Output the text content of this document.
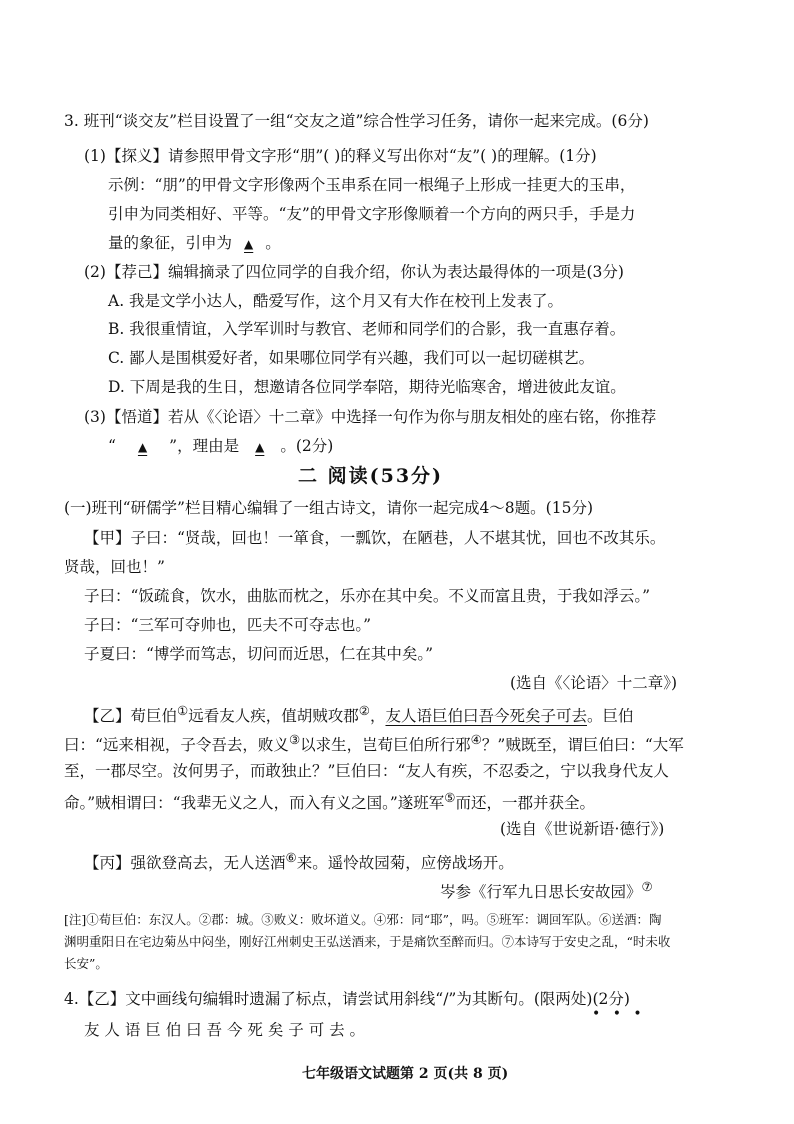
3. 班刊“谈交友”栏目设置了一组“交友之道”综合性学习任务，请你一起来完成。(6分)
(1)【探义】请参照甲骨文字形“朋”( )的释义写出你对“友”( )的理解。(1分)
示例：“朋”的甲骨文字形像两个玉串系在同一根绳子上形成一挂更大的玉串，
引申为同类相好、平等。“友”的甲骨文字形像顺着一个方向的两只手，手是力
量的象征，引申为 ▲ 。
(2)【荐己】编辑摘录了四位同学的自我介绍，你认为表达最得体的一项是(3分)
A. 我是文学小达人，酷爱写作，这个月又有大作在校刊上发表了。
B. 我很重情谊，入学军训时与教官、老师和同学们的合影，我一直惠存着。
C. 鄙人是围棋爱好者，如果哪位同学有兴趣，我们可以一起切磋棋艺。
D. 下周是我的生日，想邀请各位同学奉陪，期待光临寒舍，增进彼此友谊。
(3)【悟道】若从《〈论语〉十二章》中选择一句作为你与朋友相处的座右铭，你推荐
“ ▲ ”，理由是 ▲ 。(2分)
二 阅读(53分)
(一)班刊“研儒学”栏目精心编辑了一组古诗文，请你一起完成4～8题。(15分)
【甲】子曰：“贤哉，回也！一箪食，一瓢饮，在陋巷，人不堪其忧，回也不改其乐。
贤哉，回也！”
子曰：“饭疏食，饮水，曲肱而枕之，乐亦在其中矣。不义而富且贵，于我如浮云。”
子曰：“三军可夺帅也，匹夫不可夺志也。”
子夏曰：“博学而笃志，切问而近思，仁在其中矣。”
(选自《〈论语〉十二章》)
【乙】荀巨伯①远看友人疾，值胡贼攻郡②，友人语巨伯曰吾今死矣子可去。巨伯
曰：“远来相视，子令吾去，败义③以求生，岂荀巨伯所行邪④？”贼既至，谓巨伯曰：“大军
至，一郡尽空。汝何男子，而敢独止？”巨伯曰：“友人有疾，不忍委之，宁以我身代友人
命。”贼相谓曰：“我辈无义之人，而入有义之国。”遂班军⑤而还，一郡并获全。
(选自《世说新语·德行》)
【丙】强欲登高去，无人送酒⑥来。遥怜故园菊，应傍战场开。
岑参《行军九日思长安故园》⑦
[注]①荀巨伯：东汉人。②郡：城。③败义：败坏道义。④邪：同“耶”，吗。⑤班军：调回军队。⑥送酒：陶
渊明重阳日在宅边菊丛中闷坐，刚好江州刺史王弘送酒来，于是痛饮至醉而归。⑦本诗写于安史之乱，“时未收
长安”。
4.【乙】文中画线句编辑时遗漏了标点，请尝试用斜线“/”为其断句。(限两处)(2分)
• • •
友 人 语 巨 伯 曰 吾 今 死 矣 子 可 去 。
七年级语文试题第 2 页(共 8 页)
